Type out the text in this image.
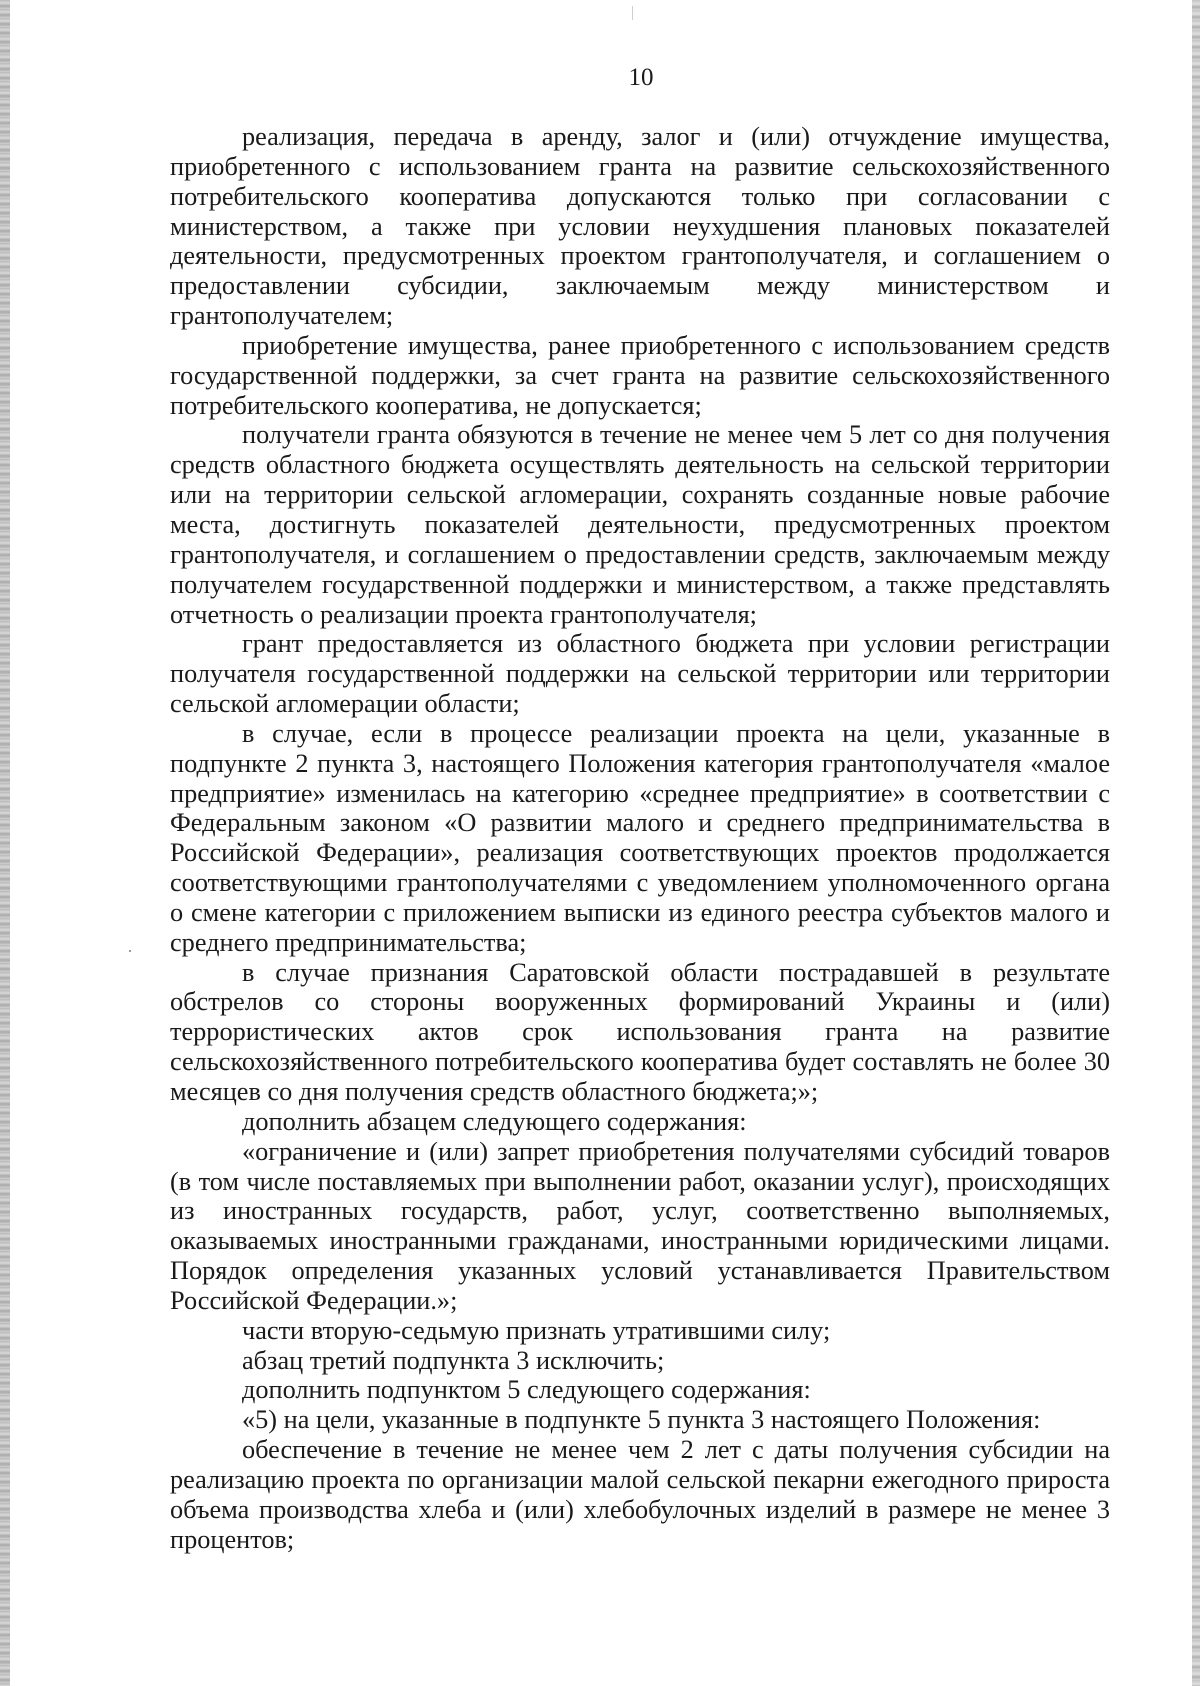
10

реализация, передача в аренду, залог и (или) отчуждение имущества, приобретенного с использованием гранта на развитие сельскохозяйственного потребительского кооператива допускаются только при согласовании с министерством, а также при условии неухудшения плановых показателей деятельности, предусмотренных проектом грантополучателя, и соглашением о предоставлении субсидии, заключаемым между министерством и грантополучателем;

приобретение имущества, ранее приобретенного с использованием средств государственной поддержки, за счет гранта на развитие сельскохозяйственного потребительского кооператива, не допускается;

получатели гранта обязуются в течение не менее чем 5 лет со дня получения средств областного бюджета осуществлять деятельность на сельской территории или на территории сельской агломерации, сохранять созданные новые рабочие места, достигнуть показателей деятельности, предусмотренных проектом грантополучателя, и соглашением о предоставлении средств, заключаемым между получателем государственной поддержки и министерством, а также представлять отчетность о реализации проекта грантополучателя;

грант предоставляется из областного бюджета при условии регистрации получателя государственной поддержки на сельской территории или территории сельской агломерации области;

в случае, если в процессе реализации проекта на цели, указанные в подпункте 2 пункта 3, настоящего Положения категория грантополучателя «малое предприятие» изменилась на категорию «среднее предприятие» в соответствии с Федеральным законом «О развитии малого и среднего предпринимательства в Российской Федерации», реализация соответствующих проектов продолжается соответствующими грантополучателями с уведомлением уполномоченного органа о смене категории с приложением выписки из единого реестра субъектов малого и среднего предпринимательства;

в случае признания Саратовской области пострадавшей в результате обстрелов со стороны вооруженных формирований Украины и (или) террористических актов срок использования гранта на развитие сельскохозяйственного потребительского кооператива будет составлять не более 30 месяцев со дня получения средств областного бюджета;»;

дополнить абзацем следующего содержания:

«ограничение и (или) запрет приобретения получателями субсидий товаров (в том числе поставляемых при выполнении работ, оказании услуг), происходящих из иностранных государств, работ, услуг, соответственно выполняемых, оказываемых иностранными гражданами, иностранными юридическими лицами. Порядок определения указанных условий устанавливается Правительством Российской Федерации.»;

части вторую-седьмую признать утратившими силу;

абзац третий подпункта 3 исключить;

дополнить подпунктом 5 следующего содержания:

«5) на цели, указанные в подпункте 5 пункта 3 настоящего Положения:

обеспечение в течение не менее чем 2 лет с даты получения субсидии на реализацию проекта по организации малой сельской пекарни ежегодного прироста объема производства хлеба и (или) хлебобулочных изделий в размере не менее 3 процентов;
